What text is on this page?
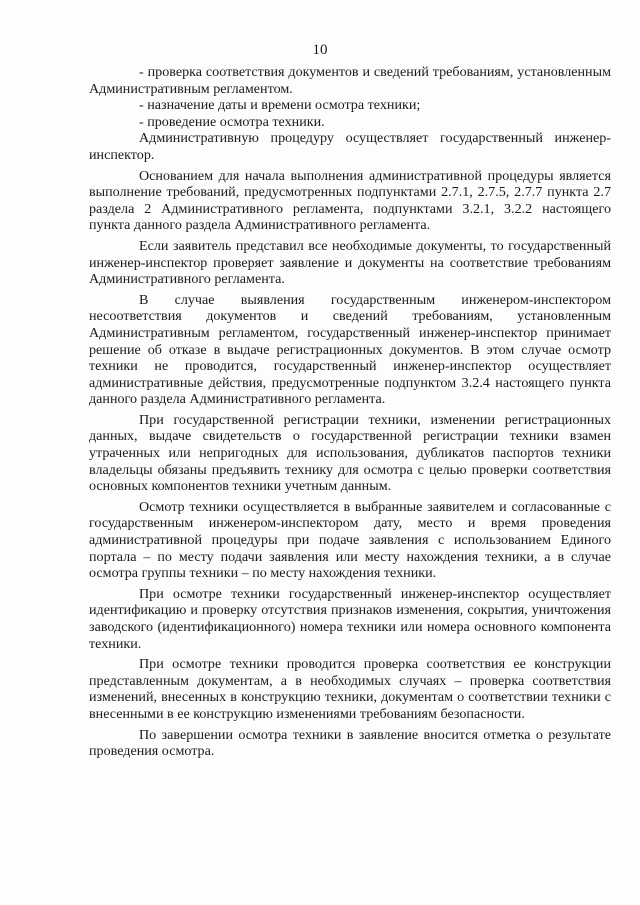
10

- проверка соответствия документов и сведений требованиям, установленным Административным регламентом.

- назначение даты и времени осмотра техники;

- проведение осмотра техники.

Административную процедуру осуществляет государственный инженер-инспектор.

Основанием для начала выполнения административной процедуры является выполнение требований, предусмотренных подпунктами 2.7.1, 2.7.5, 2.7.7 пункта 2.7 раздела 2 Административного регламента, подпунктами 3.2.1, 3.2.2 настоящего пункта данного раздела Административного регламента.

Если заявитель представил все необходимые документы, то государственный инженер-инспектор проверяет заявление и документы на соответствие требованиям Административного регламента.

В случае выявления государственным инженером-инспектором несоответствия документов и сведений требованиям, установленным Административным регламентом, государственный инженер-инспектор принимает решение об отказе в выдаче регистрационных документов. В этом случае осмотр техники не проводится, государственный инженер-инспектор осуществляет административные действия, предусмотренные подпунктом 3.2.4 настоящего пункта данного раздела Административного регламента.

При государственной регистрации техники, изменении регистрационных данных, выдаче свидетельств о государственной регистрации техники взамен утраченных или непригодных для использования, дубликатов паспортов техники владельцы обязаны предъявить технику для осмотра с целью проверки соответствия основных компонентов техники учетным данным.

Осмотр техники осуществляется в выбранные заявителем и согласованные с государственным инженером-инспектором дату, место и время проведения административной процедуры при подаче заявления с использованием Единого портала – по месту подачи заявления или месту нахождения техники, а в случае осмотра группы техники – по месту нахождения техники.

При осмотре техники государственный инженер-инспектор осуществляет идентификацию и проверку отсутствия признаков изменения, сокрытия, уничтожения заводского (идентификационного) номера техники или номера основного компонента техники.

При осмотре техники проводится проверка соответствия ее конструкции представленным документам, а в необходимых случаях – проверка соответствия изменений, внесенных в конструкцию техники, документам о соответствии техники с внесенными в ее конструкцию изменениями требованиям безопасности.

По завершении осмотра техники в заявление вносится отметка о результате проведения осмотра.
